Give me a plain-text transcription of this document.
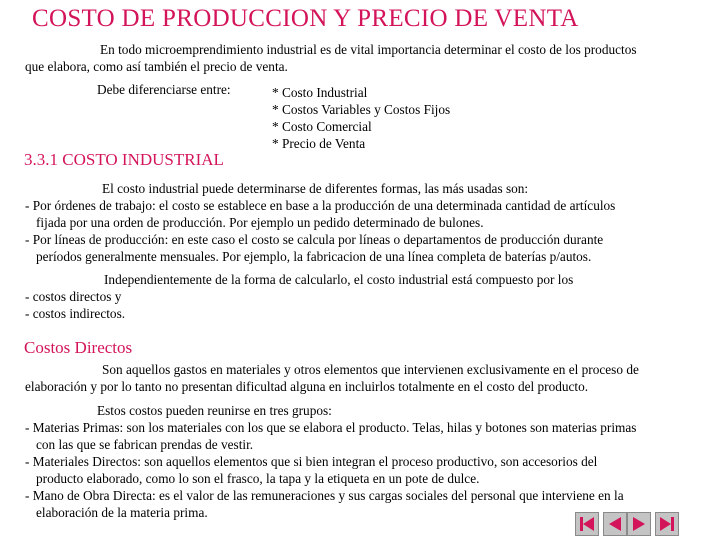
COSTO DE PRODUCCION Y PRECIO DE VENTA
En todo microemprendimiento industrial es de vital importancia determinar el costo de los productos
que elabora, como así también el precio de venta.
Debe diferenciarse entre:	* Costo Industrial
* Costos Variables y Costos Fijos
* Costo Comercial
* Precio de Venta
3.3.1 COSTO INDUSTRIAL
El costo industrial puede determinarse de diferentes formas, las más usadas son:
- Por órdenes de trabajo: el costo se establece en base a la producción de una determinada cantidad de artículos
fijada por una orden de producción. Por ejemplo un pedido determinado de bulones.
- Por líneas de producción: en este caso el costo se calcula por líneas o departamentos de producción durante
períodos generalmente mensuales. Por ejemplo, la fabricacion de una línea completa de baterías p/autos.
Independientemente de la forma de calcularlo, el costo industrial está compuesto por los
- costos directos y
- costos indirectos.
Costos Directos
Son aquellos gastos en materiales y otros elementos que intervienen exclusivamente en el proceso de
elaboración y por lo tanto no presentan dificultad alguna en incluirlos totalmente en el costo del producto.
Estos costos pueden reunirse en tres grupos:
- Materias Primas: son los materiales con los que se elabora el producto. Telas, hilas y botones son materias primas
con las que se fabrican prendas de vestir.
- Materiales Directos: son aquellos elementos que si bien integran el proceso productivo, son accesorios del
producto elaborado, como lo son el frasco, la tapa y la etiqueta en un pote de dulce.
- Mano de Obra Directa: es el valor de las remuneraciones y sus cargas sociales del personal que interviene en la
elaboración de la materia prima.
